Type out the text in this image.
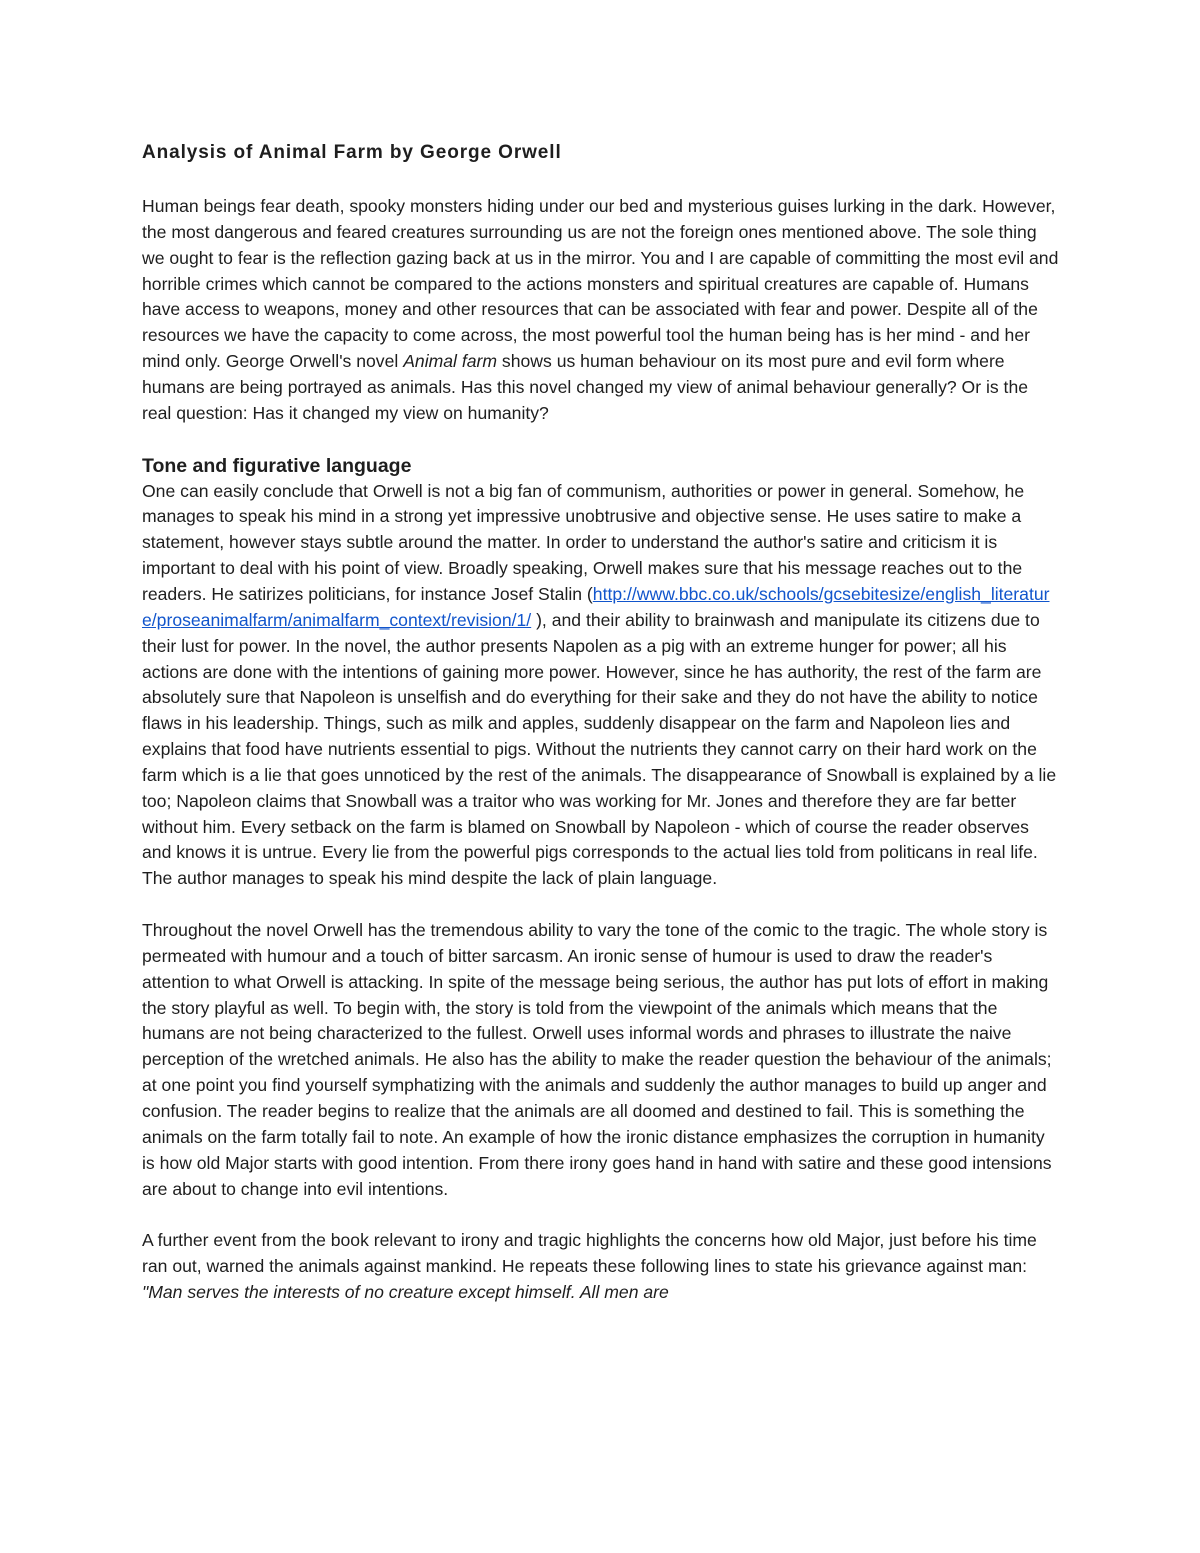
Analysis of Animal Farm by George Orwell

Human beings fear death, spooky monsters hiding under our bed and mysterious guises lurking in the dark. However, the most dangerous and feared creatures surrounding us are not the foreign ones mentioned above. The sole thing we ought to fear is the reflection gazing back at us in the mirror. You and I are capable of committing the most evil and horrible crimes which cannot be compared to the actions monsters and spiritual creatures are capable of. Humans have access to weapons, money and other resources that can be associated with fear and power. Despite all of the resources we have the capacity to come across, the most powerful tool the human being has is her mind - and her mind only. George Orwell's novel Animal farm shows us human behaviour on its most pure and evil form where humans are being portrayed as animals. Has this novel changed my view of animal behaviour generally? Or is the real question: Has it changed my view on humanity?

Tone and figurative language

One can easily conclude that Orwell is not a big fan of communism, authorities or power in general. Somehow, he manages to speak his mind in a strong yet impressive unobtrusive and objective sense. He uses satire to make a statement, however stays subtle around the matter. In order to understand the author's satire and criticism it is important to deal with his point of view. Broadly speaking, Orwell makes sure that his message reaches out to the readers. He satirizes politicians, for instance Josef Stalin (http://www.bbc.co.uk/schools/gcsebitesize/english_literature/proseanimalfarm/animalfarm_context/revision/1/ ), and their ability to brainwash and manipulate its citizens due to their lust for power. In the novel, the author presents Napolen as a pig with an extreme hunger for power; all his actions are done with the intentions of gaining more power. However, since he has authority, the rest of the farm are absolutely sure that Napoleon is unselfish and do everything for their sake and they do not have the ability to notice flaws in his leadership. Things, such as milk and apples, suddenly disappear on the farm and Napoleon lies and explains that food have nutrients essential to pigs. Without the nutrients they cannot carry on their hard work on the farm which is a lie that goes unnoticed by the rest of the animals. The disappearance of Snowball is explained by a lie too; Napoleon claims that Snowball was a traitor who was working for Mr. Jones and therefore they are far better without him. Every setback on the farm is blamed on Snowball by Napoleon - which of course the reader observes and knows it is untrue. Every lie from the powerful pigs corresponds to the actual lies told from politicans in real life. The author manages to speak his mind despite the lack of plain language.

Throughout the novel Orwell has the tremendous ability to vary the tone of the comic to the tragic. The whole story is permeated with humour and a touch of bitter sarcasm. An ironic sense of humour is used to draw the reader's attention to what Orwell is attacking. In spite of the message being serious, the author has put lots of effort in making the story playful as well. To begin with, the story is told from the viewpoint of the animals which means that the humans are not being characterized to the fullest. Orwell uses informal words and phrases to illustrate the naive perception of the wretched animals. He also has the ability to make the reader question the behaviour of the animals; at one point you find yourself symphatizing with the animals and suddenly the author manages to build up anger and confusion. The reader begins to realize that the animals are all doomed and destined to fail. This is something the animals on the farm totally fail to note. An example of how the ironic distance emphasizes the corruption in humanity is how old Major starts with good intention. From there irony goes hand in hand with satire and these good intensions are about to change into evil intentions.

A further event from the book relevant to irony and tragic highlights the concerns how old Major, just before his time ran out, warned the animals against mankind. He repeats these following lines to state his grievance against man: "Man serves the interests of no creature except himself. All men are
